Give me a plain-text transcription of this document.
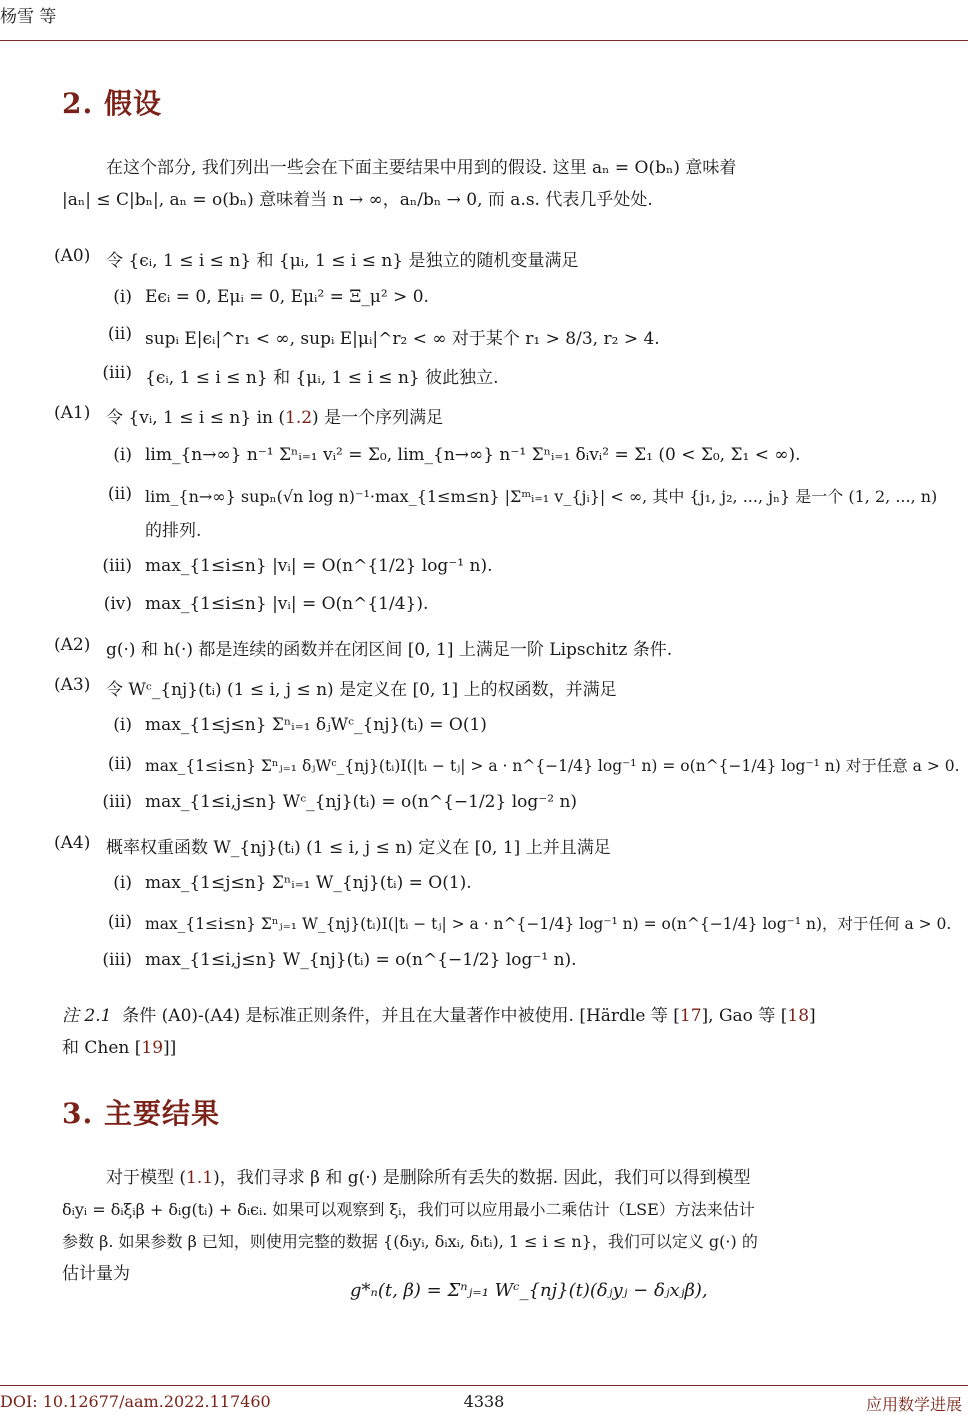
杨雪 等
2. 假设
在这个部分, 我们列出一些会在下面主要结果中用到的假设. 这里 aₙ = O(bₙ) 意味着
|aₙ| ≤ C|bₙ|, aₙ = o(bₙ) 意味着当 n → ∞，aₙ/bₙ → 0, 而 a.s. 代表几乎处处.
(A0) 令 {ϵᵢ, 1 ≤ i ≤ n} 和 {μᵢ, 1 ≤ i ≤ n} 是独立的随机变量满足
(i) Eϵᵢ = 0, Eμᵢ = 0, Eμᵢ² = Ξ_μ² > 0.
(ii) supᵢ E|ϵᵢ|^r₁ < ∞, supᵢ E|μᵢ|^r₂ < ∞ 对于某个 r₁ > 8/3, r₂ > 4.
(iii) {ϵᵢ, 1 ≤ i ≤ n} 和 {μᵢ, 1 ≤ i ≤ n} 彼此独立.
(A1) 令 {vᵢ, 1 ≤ i ≤ n} in (1.2) 是一个序列满足
(i) lim_{n→∞} n⁻¹ Σⁿᵢ₌₁ vᵢ² = Σ₀, lim_{n→∞} n⁻¹ Σⁿᵢ₌₁ δᵢvᵢ² = Σ₁ (0 < Σ₀, Σ₁ < ∞).
(ii) lim_{n→∞} supₙ(√n log n)⁻¹·max_{1≤m≤n} |Σᵐᵢ₌₁ v_{jᵢ}| < ∞, 其中 {j₁, j₂, ..., jₙ} 是一个 (1, 2, ..., n)
的排列.
(iii) max_{1≤i≤n} |vᵢ| = O(n^{1/2} log⁻¹ n).
(iv) max_{1≤i≤n} |vᵢ| = O(n^{1/4}).
(A2) g(·) 和 h(·) 都是连续的函数并在闭区间 [0, 1] 上满足一阶 Lipschitz 条件.
(A3) 令 Wᶜ_{nj}(tᵢ) (1 ≤ i, j ≤ n) 是定义在 [0, 1] 上的权函数，并满足
(i) max_{1≤j≤n} Σⁿᵢ₌₁ δⱼWᶜ_{nj}(tᵢ) = O(1)
(ii) max_{1≤i≤n} Σⁿⱼ₌₁ δⱼWᶜ_{nj}(tᵢ)I(|tᵢ − tⱼ| > a · n^{−1/4} log⁻¹ n) = o(n^{−1/4} log⁻¹ n) 对于任意 a > 0.
(iii) max_{1≤i,j≤n} Wᶜ_{nj}(tᵢ) = o(n^{−1/2} log⁻² n)
(A4) 概率权重函数 W_{nj}(tᵢ) (1 ≤ i, j ≤ n) 定义在 [0, 1] 上并且满足
(i) max_{1≤j≤n} Σⁿᵢ₌₁ W_{nj}(tᵢ) = O(1).
(ii) max_{1≤i≤n} Σⁿⱼ₌₁ W_{nj}(tᵢ)I(|tᵢ − tⱼ| > a · n^{−1/4} log⁻¹ n) = o(n^{−1/4} log⁻¹ n)，对于任何 a > 0.
(iii) max_{1≤i,j≤n} W_{nj}(tᵢ) = o(n^{−1/2} log⁻¹ n).
注 2.1 条件 (A0)-(A4) 是标准正则条件，并且在大量著作中被使用. [Härdle 等 [17], Gao 等 [18]
和 Chen [19]]
3. 主要结果
对于模型 (1.1)，我们寻求 β 和 g(·) 是删除所有丢失的数据. 因此，我们可以得到模型
δᵢyᵢ = δᵢξᵢβ + δᵢg(tᵢ) + δᵢϵᵢ. 如果可以观察到 ξᵢ，我们可以应用最小二乘估计（LSE）方法来估计
参数 β. 如果参数 β 已知，则使用完整的数据 {(δᵢyᵢ, δᵢxᵢ, δᵢtᵢ), 1 ≤ i ≤ n}，我们可以定义 g(·) 的
估计量为
g*ₙ(t, β) = Σⁿⱼ₌₁ Wᶜ_{nj}(t)(δⱼyⱼ − δⱼxⱼβ),
DOI: 10.12677/aam.2022.117460	4338	应用数学进展
